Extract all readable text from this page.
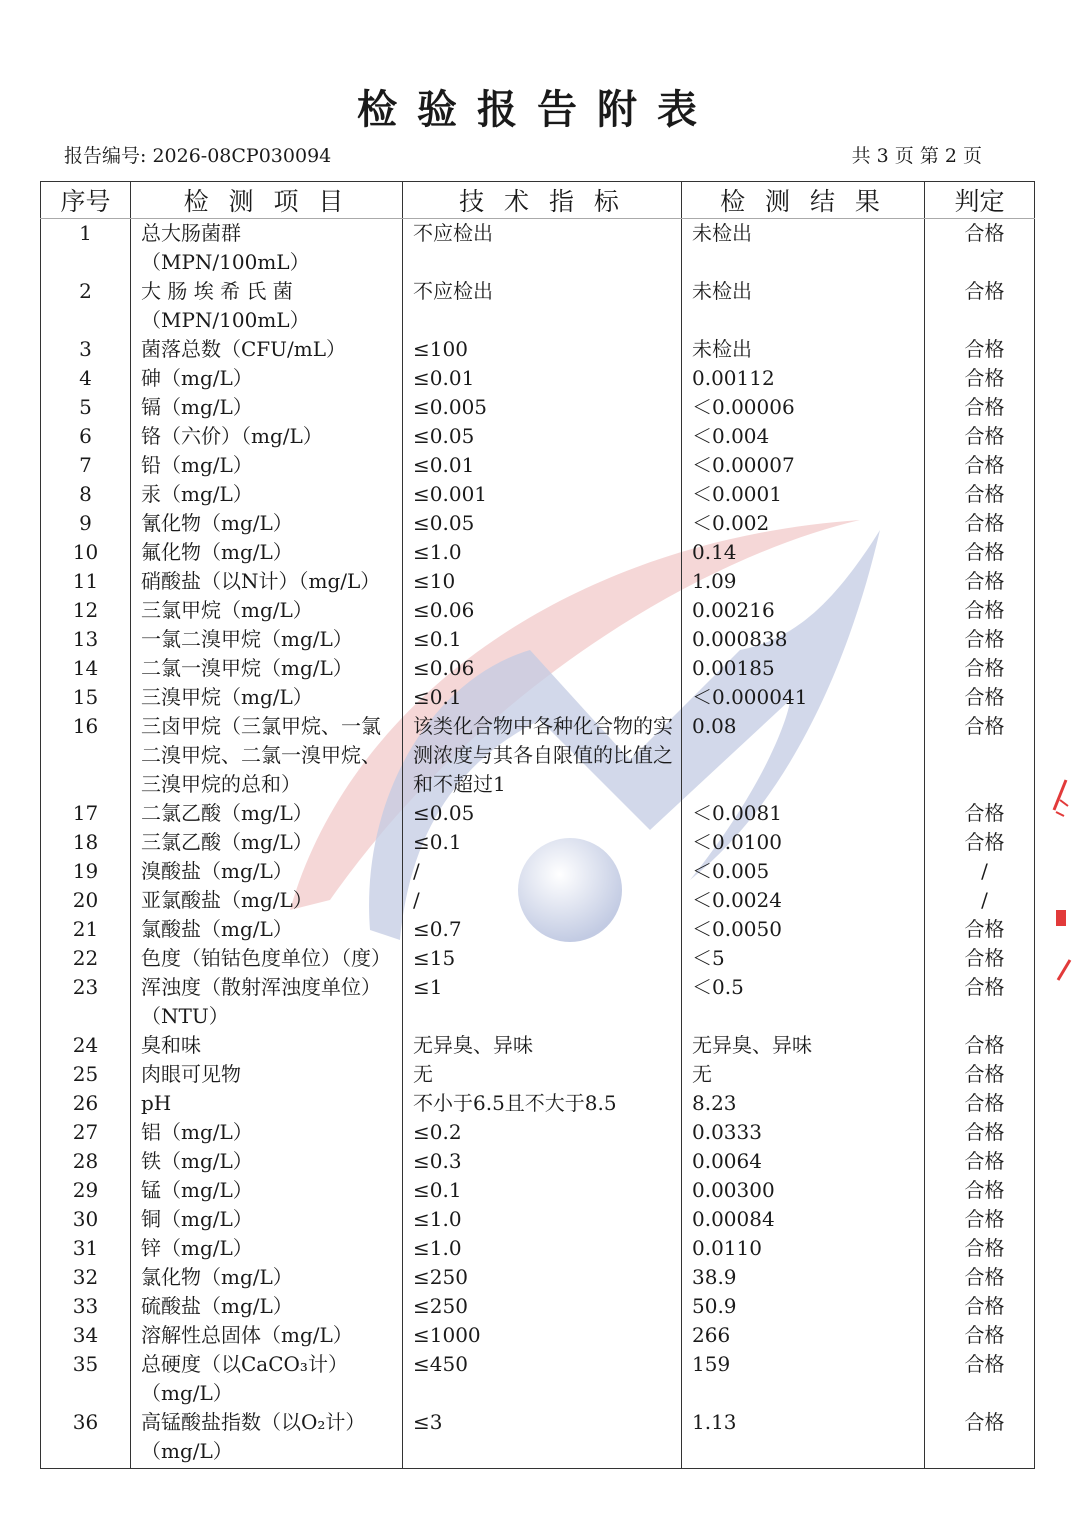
检验报告附表
报告编号: 2026-08CP030094	共 3 页 第 2 页
序号	检 测 项 目	技 术 指 标	检 测 结 果	判定
1	总大肠菌群（MPN/100mL）	不应检出	未检出	合格
2	大 肠 埃 希 氏 菌（MPN/100mL）	不应检出	未检出	合格
3	菌落总数（CFU/mL）	≤100	未检出	合格
4	砷（mg/L）	≤0.01	0.00112	合格
5	镉（mg/L）	≤0.005	＜0.00006	合格
6	铬（六价）（mg/L）	≤0.05	＜0.004	合格
7	铅（mg/L）	≤0.01	＜0.00007	合格
8	汞（mg/L）	≤0.001	＜0.0001	合格
9	氰化物（mg/L）	≤0.05	＜0.002	合格
10	氟化物（mg/L）	≤1.0	0.14	合格
11	硝酸盐（以N计）（mg/L）	≤10	1.09	合格
12	三氯甲烷（mg/L）	≤0.06	0.00216	合格
13	一氯二溴甲烷（mg/L）	≤0.1	0.000838	合格
14	二氯一溴甲烷（mg/L）	≤0.06	0.00185	合格
15	三溴甲烷（mg/L）	≤0.1	＜0.000041	合格
16	三卤甲烷（三氯甲烷、一氯二溴甲烷、二氯一溴甲烷、三溴甲烷的总和）	该类化合物中各种化合物的实测浓度与其各自限值的比值之和不超过1	0.08	合格
17	二氯乙酸（mg/L）	≤0.05	＜0.0081	合格
18	三氯乙酸（mg/L）	≤0.1	＜0.0100	合格
19	溴酸盐（mg/L）	/	＜0.005	/
20	亚氯酸盐（mg/L）	/	＜0.0024	/
21	氯酸盐（mg/L）	≤0.7	＜0.0050	合格
22	色度（铂钴色度单位）（度）	≤15	＜5	合格
23	浑浊度（散射浑浊度单位）（NTU）	≤1	＜0.5	合格
24	臭和味	无异臭、异味	无异臭、异味	合格
25	肉眼可见物	无	无	合格
26	pH	不小于6.5且不大于8.5	8.23	合格
27	铝（mg/L）	≤0.2	0.0333	合格
28	铁（mg/L）	≤0.3	0.0064	合格
29	锰（mg/L）	≤0.1	0.00300	合格
30	铜（mg/L）	≤1.0	0.00084	合格
31	锌（mg/L）	≤1.0	0.0110	合格
32	氯化物（mg/L）	≤250	38.9	合格
33	硫酸盐（mg/L）	≤250	50.9	合格
34	溶解性总固体（mg/L）	≤1000	266	合格
35	总硬度（以CaCO₃计）（mg/L）	≤450	159	合格
36	高锰酸盐指数（以O₂计）（mg/L）	≤3	1.13	合格
